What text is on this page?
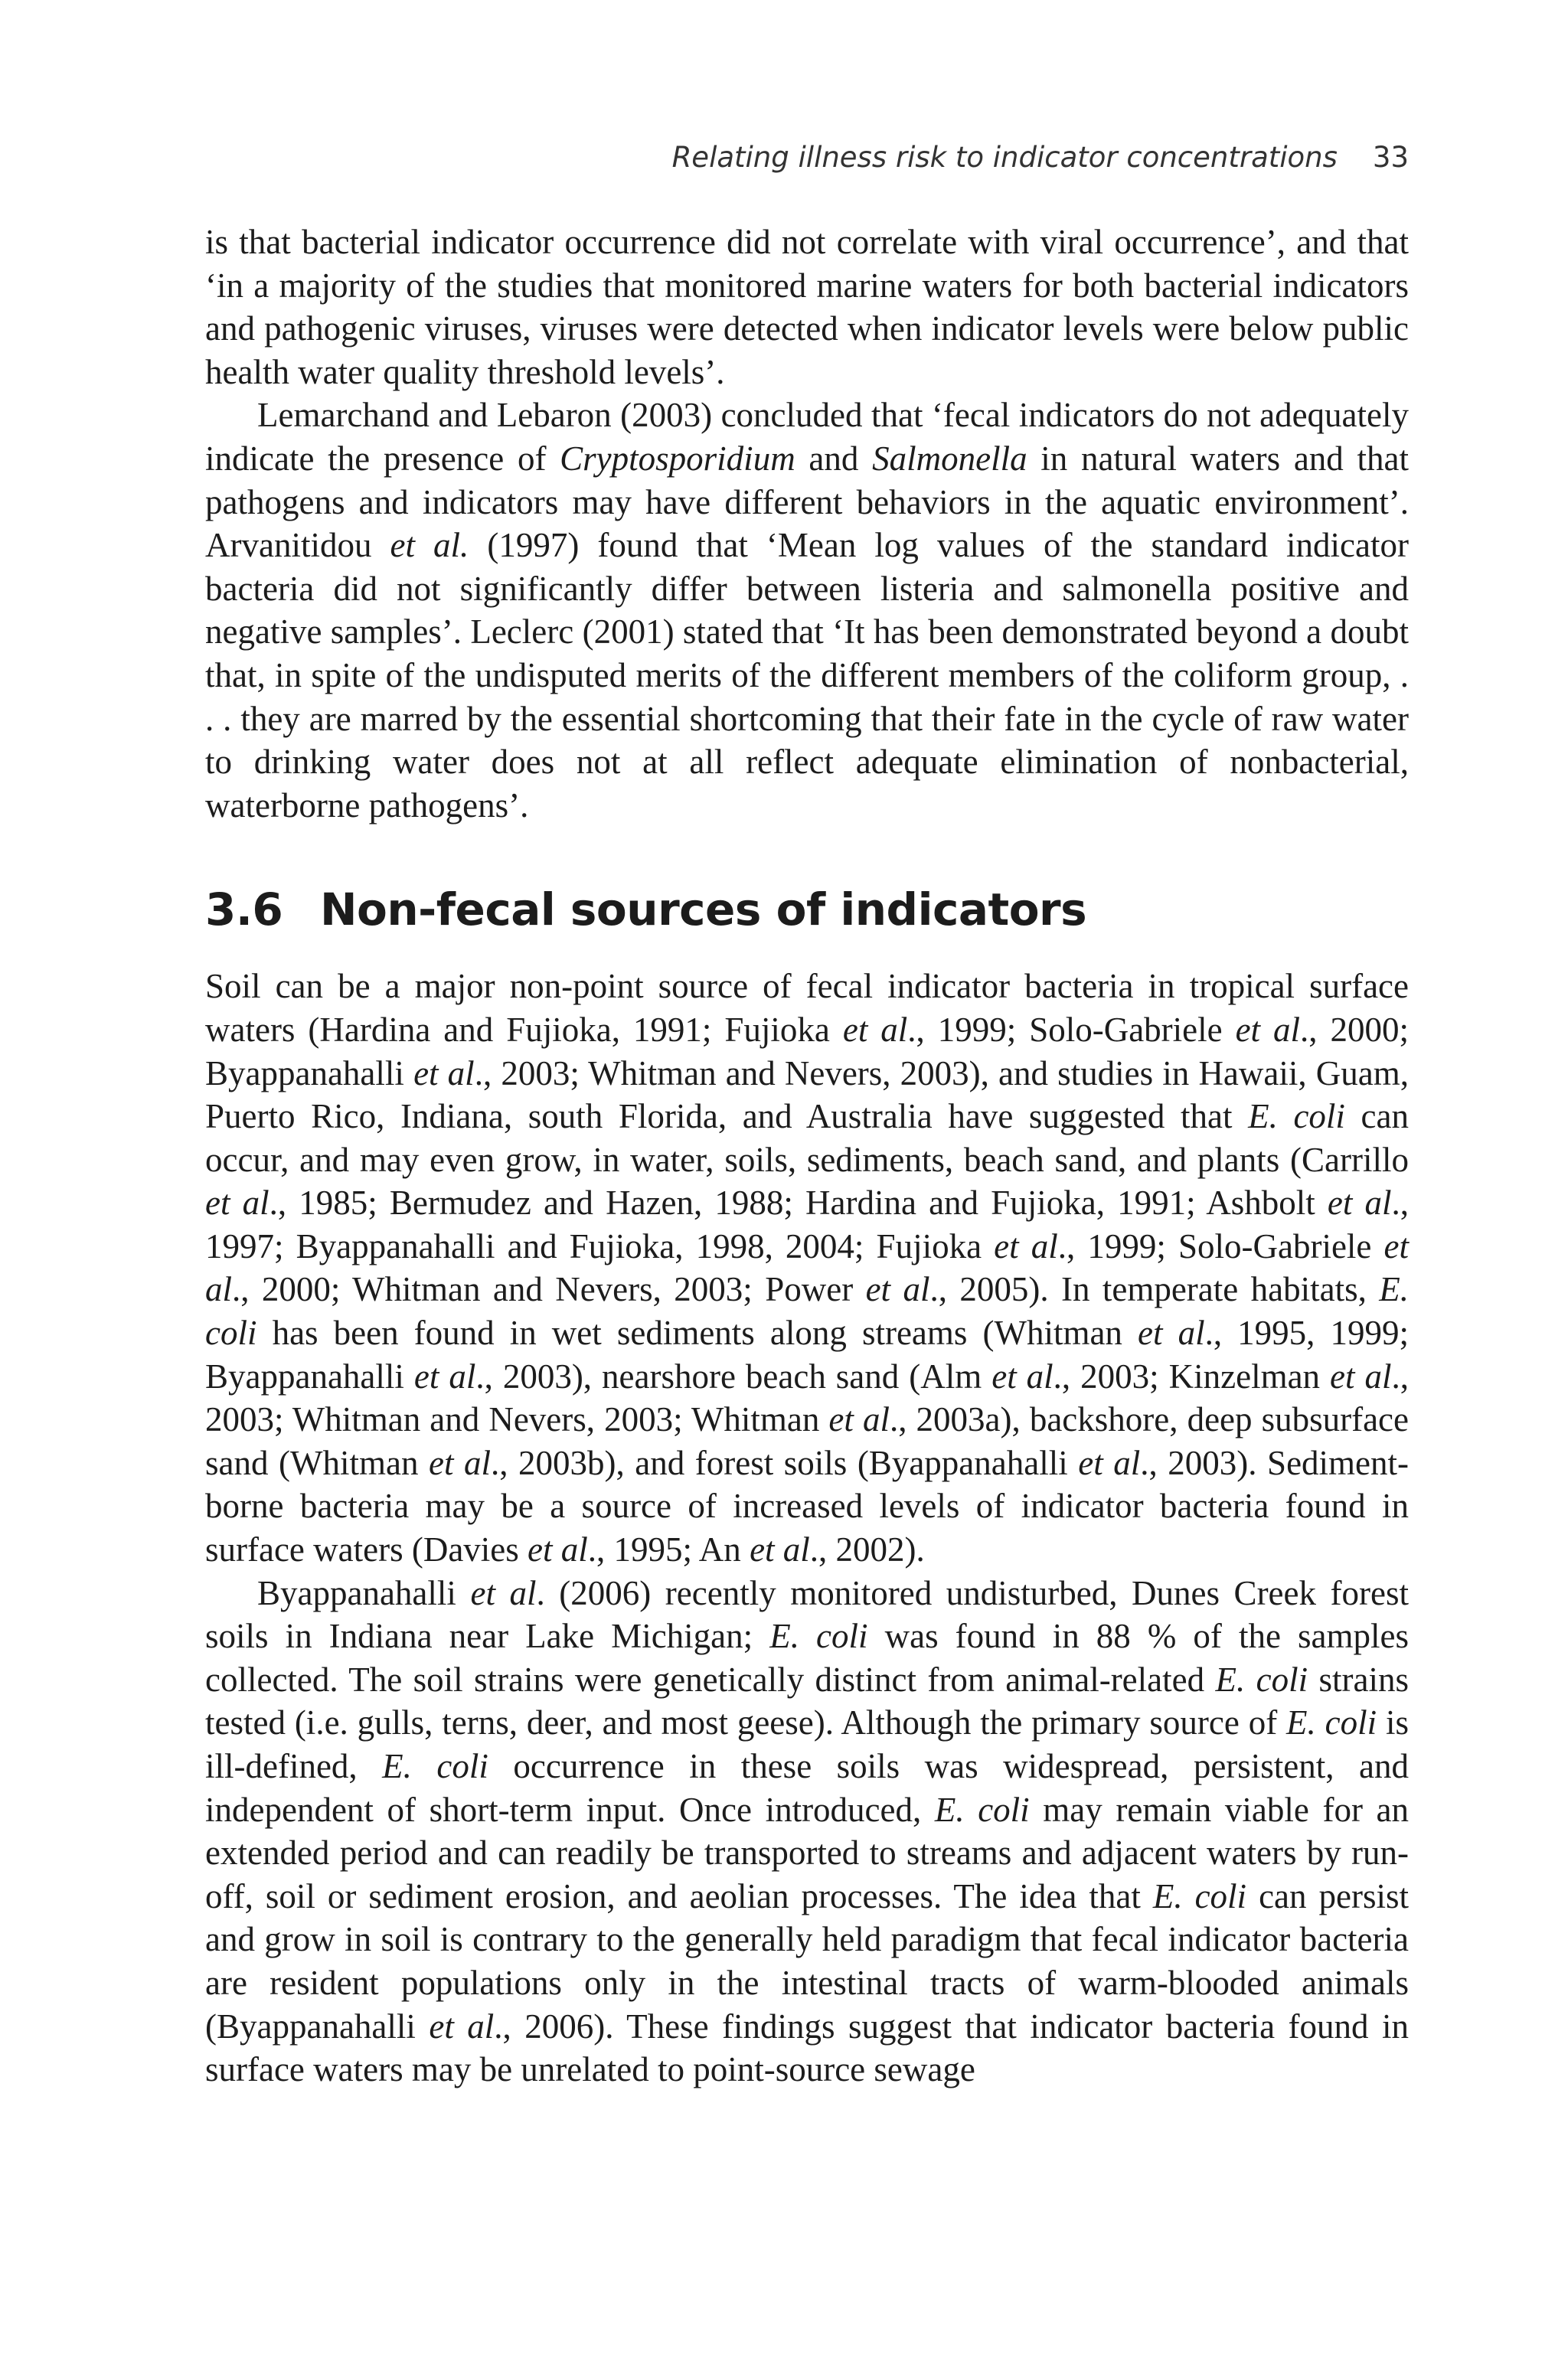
Relating illness risk to indicator concentrations 33

is that bacterial indicator occurrence did not correlate with viral occurrence’, and that ‘in a majority of the studies that monitored marine waters for both bacterial indicators and pathogenic viruses, viruses were detected when indicator levels were below public health water quality threshold levels’.

Lemarchand and Lebaron (2003) concluded that ‘fecal indicators do not adequately indicate the presence of Cryptosporidium and Salmonella in natural waters and that pathogens and indicators may have different behaviors in the aquatic environment’. Arvanitidou et al. (1997) found that ‘Mean log values of the standard indicator bacteria did not significantly differ between listeria and salmonella positive and negative samples’. Leclerc (2001) stated that ‘It has been demonstrated beyond a doubt that, in spite of the undisputed merits of the different members of the coliform group, . . . they are marred by the essential shortcoming that their fate in the cycle of raw water to drinking water does not at all reflect adequate elimination of nonbacterial, waterborne pathogens’.

3.6 Non-fecal sources of indicators

Soil can be a major non-point source of fecal indicator bacteria in tropical surface waters (Hardina and Fujioka, 1991; Fujioka et al., 1999; Solo-Gabriele et al., 2000; Byappanahalli et al., 2003; Whitman and Nevers, 2003), and studies in Hawaii, Guam, Puerto Rico, Indiana, south Florida, and Australia have suggested that E. coli can occur, and may even grow, in water, soils, sediments, beach sand, and plants (Carrillo et al., 1985; Bermudez and Hazen, 1988; Hardina and Fujioka, 1991; Ashbolt et al., 1997; Byappanahalli and Fujioka, 1998, 2004; Fujioka et al., 1999; Solo-Gabriele et al., 2000; Whitman and Nevers, 2003; Power et al., 2005). In temperate habitats, E. coli has been found in wet sediments along streams (Whitman et al., 1995, 1999; Byappanahalli et al., 2003), nearshore beach sand (Alm et al., 2003; Kinzelman et al., 2003; Whitman and Nevers, 2003; Whitman et al., 2003a), backshore, deep subsurface sand (Whitman et al., 2003b), and forest soils (Byappanahalli et al., 2003). Sediment-borne bacteria may be a source of increased levels of indicator bacteria found in surface waters (Davies et al., 1995; An et al., 2002).

Byappanahalli et al. (2006) recently monitored undisturbed, Dunes Creek forest soils in Indiana near Lake Michigan; E. coli was found in 88 % of the samples collected. The soil strains were genetically distinct from animal-related E. coli strains tested (i.e. gulls, terns, deer, and most geese). Although the primary source of E. coli is ill-defined, E. coli occurrence in these soils was widespread, persistent, and independent of short-term input. Once introduced, E. coli may remain viable for an extended period and can readily be transported to streams and adjacent waters by run-off, soil or sediment erosion, and aeolian processes. The idea that E. coli can persist and grow in soil is contrary to the generally held paradigm that fecal indicator bacteria are resident populations only in the intestinal tracts of warm-blooded animals (Byappanahalli et al., 2006). These findings suggest that indicator bacteria found in surface waters may be unrelated to point-source sewage
